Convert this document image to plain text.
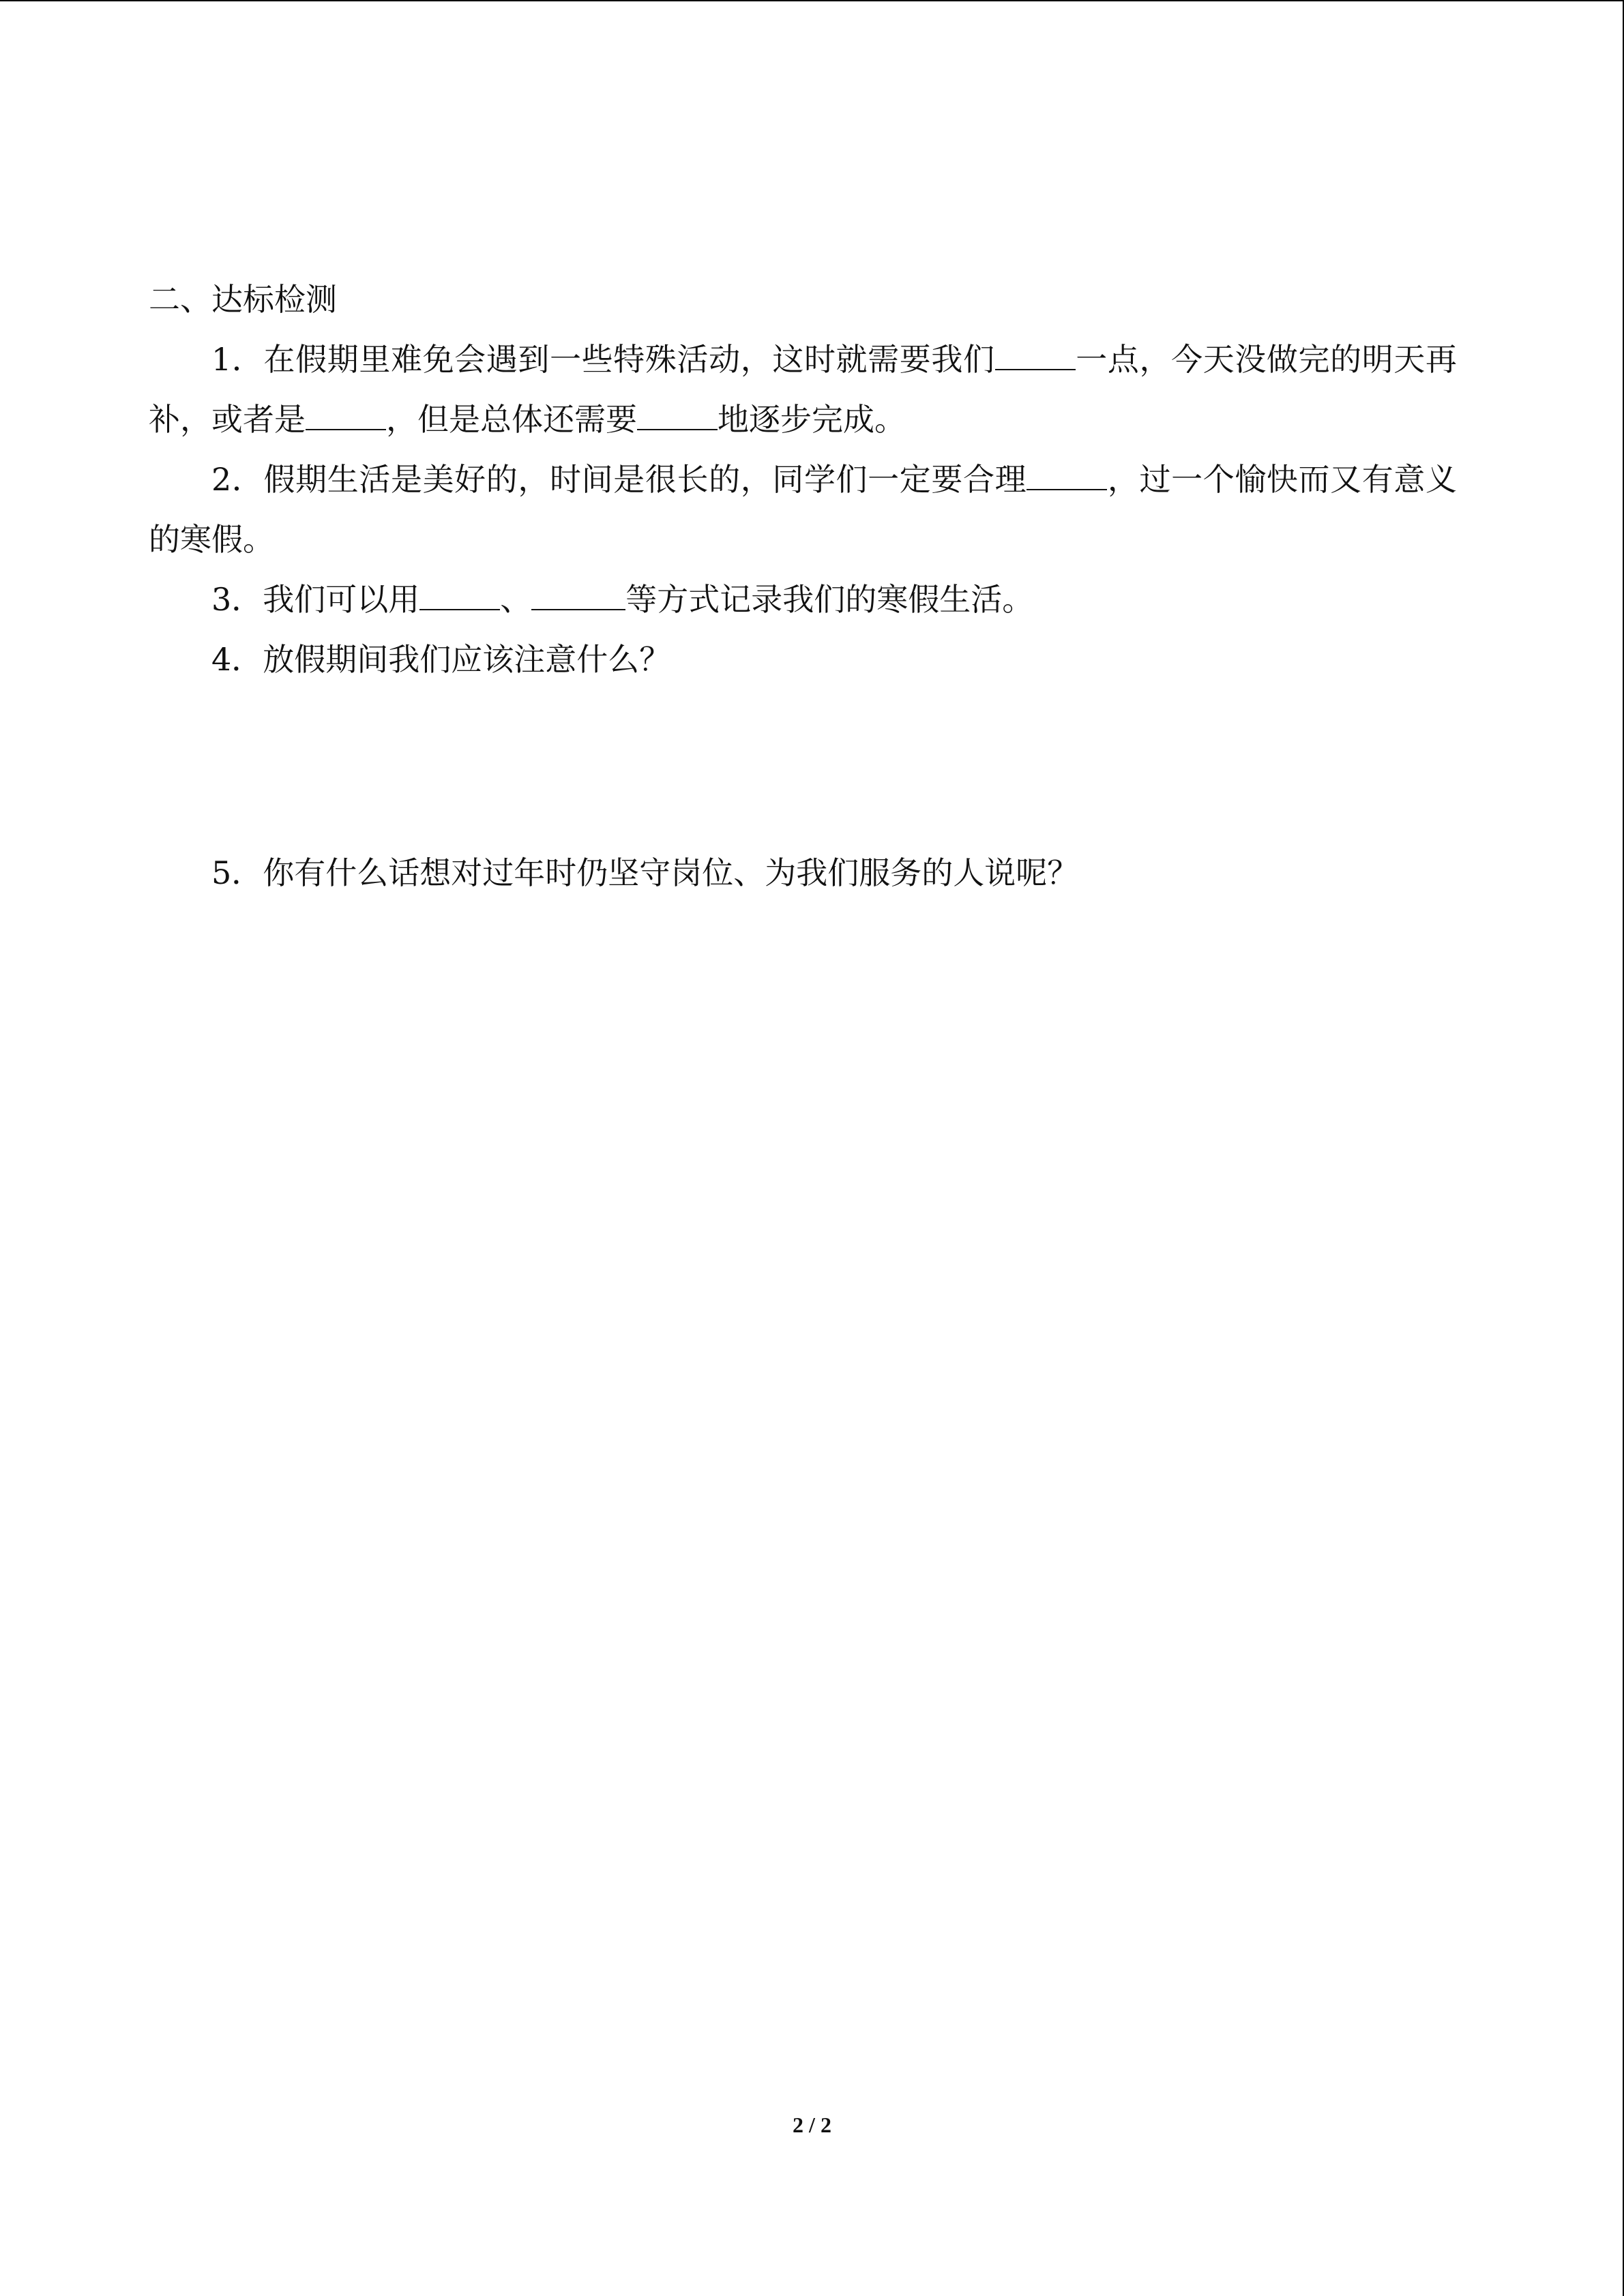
二、达标检测

1．在假期里难免会遇到一些特殊活动，这时就需要我们	一点，今天没做完的明天再补，或者是	，但是总体还需要	地逐步完成。

2．假期生活是美好的，时间是很长的，同学们一定要合理	，过一个愉快而又有意义的寒假。

3．我们可以用	、	等方式记录我们的寒假生活。

4．放假期间我们应该注意什么？

5．你有什么话想对过年时仍坚守岗位、为我们服务的人说呢？

2 / 2
